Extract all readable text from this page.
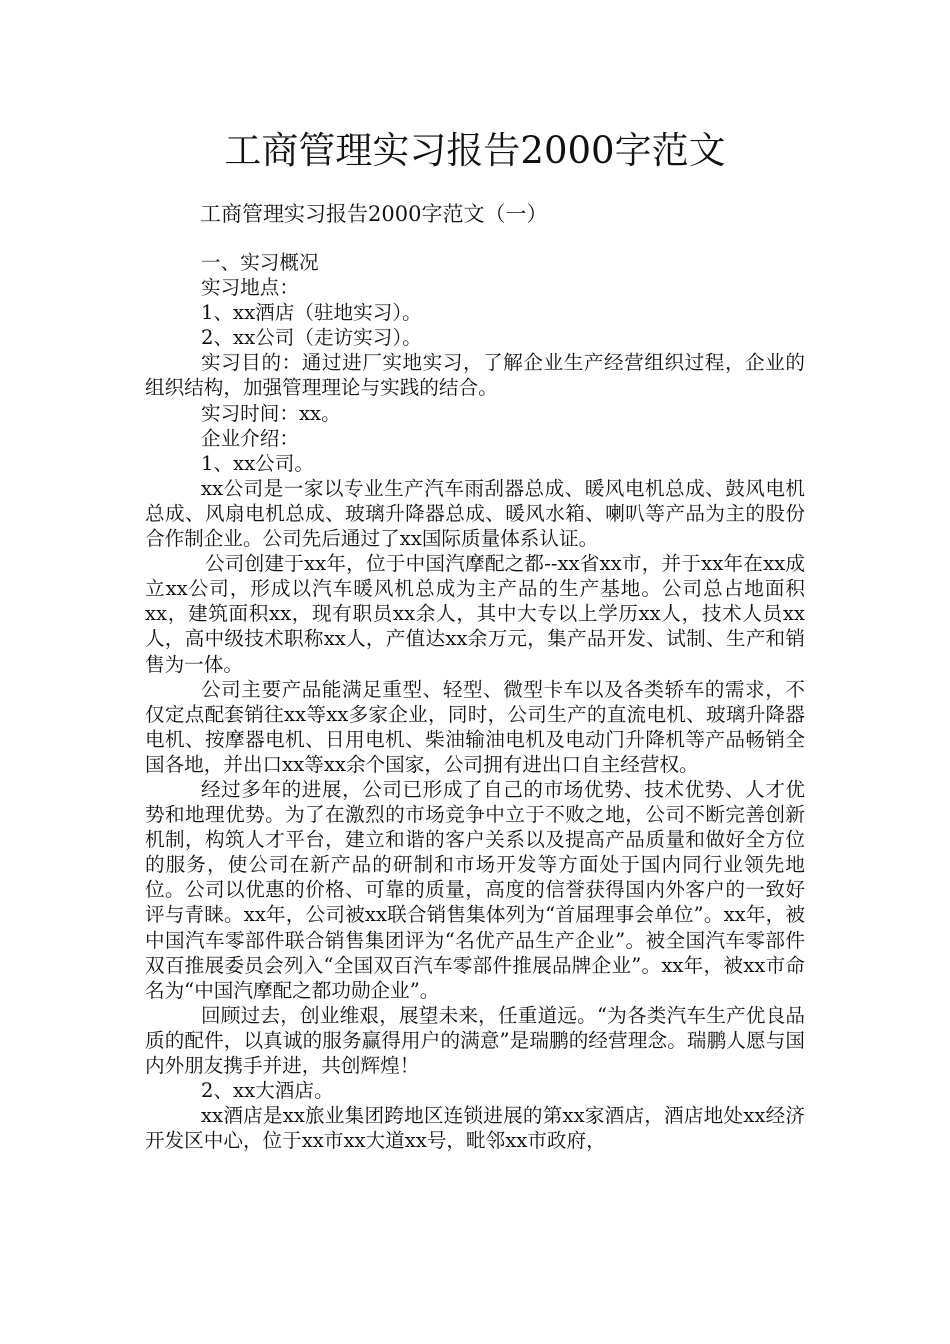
工商管理实习报告2000字范文
工商管理实习报告2000字范文（一）

一、实习概况

实习地点：

1、xx酒店（驻地实习）。

2、xx公司（走访实习）。

实习目的：通过进厂实地实习，了解企业生产经营组织过程，企业的组织结构，加强管理理论与实践的结合。

实习时间：xx。

企业介绍：

1、xx公司。

xx公司是一家以专业生产汽车雨刮器总成、暖风电机总成、鼓风电机总成、风扇电机总成、玻璃升降器总成、暖风水箱、喇叭等产品为主的股份合作制企业。公司先后通过了xx国际质量体系认证。

公司创建于xx年，位于中国汽摩配之都--xx省xx市，并于xx年在xx成立xx公司，形成以汽车暖风机总成为主产品的生产基地。公司总占地面积xx，建筑面积xx，现有职员xx余人，其中大专以上学历xx人，技术人员xx人，高中级技术职称xx人，产值达xx余万元，集产品开发、试制、生产和销售为一体。

公司主要产品能满足重型、轻型、微型卡车以及各类轿车的需求，不仅定点配套销往xx等xx多家企业，同时，公司生产的直流电机、玻璃升降器电机、按摩器电机、日用电机、柴油输油电机及电动门升降机等产品畅销全国各地，并出口xx等xx余个国家，公司拥有进出口自主经营权。

经过多年的进展，公司已形成了自己的市场优势、技术优势、人才优势和地理优势。为了在激烈的市场竞争中立于不败之地，公司不断完善创新机制，构筑人才平台，建立和谐的客户关系以及提高产品质量和做好全方位的服务，使公司在新产品的研制和市场开发等方面处于国内同行业领先地位。公司以优惠的价格、可靠的质量，高度的信誉获得国内外客户的一致好评与青睐。xx年，公司被xx联合销售集体列为“首届理事会单位”。xx年，被中国汽车零部件联合销售集团评为“名优产品生产企业”。被全国汽车零部件双百推展委员会列入“全国双百汽车零部件推展品牌企业”。xx年，被xx市命名为“中国汽摩配之都功勋企业”。

回顾过去，创业维艰，展望未来，任重道远。“为各类汽车生产优良品质的配件，以真诚的服务赢得用户的满意”是瑞鹏的经营理念。瑞鹏人愿与国内外朋友携手并进，共创辉煌！

2、xx大酒店。

xx酒店是xx旅业集团跨地区连锁进展的第xx家酒店，酒店地处xx经济开发区中心，位于xx市xx大道xx号，毗邻xx市政府，
